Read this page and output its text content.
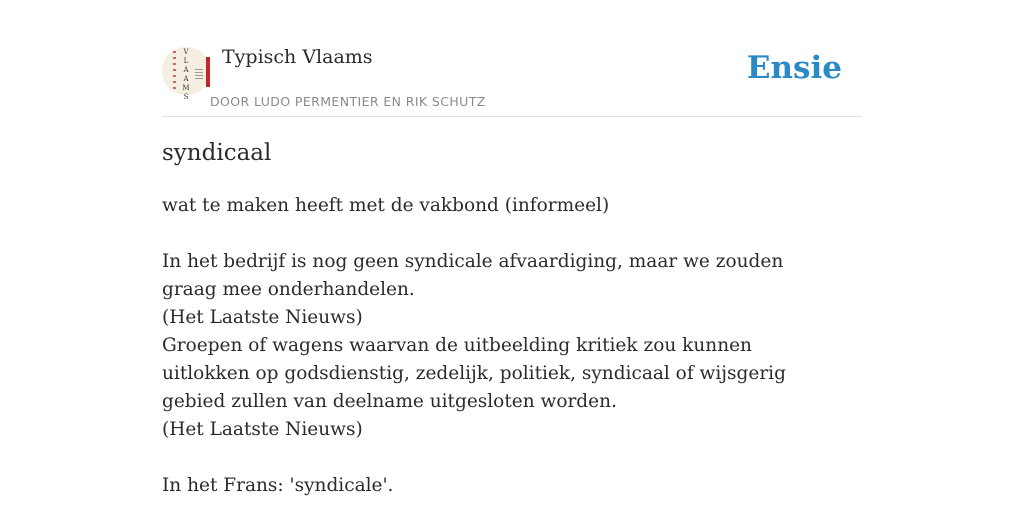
V
L
A
A
M
S
Typisch Vlaams
DOOR LUDO PERMENTIER EN RIK SCHUTZ
Ensie
syndicaal

wat te maken heeft met de vakbond (informeel)

In het bedrijf is nog geen syndicale afvaardiging, maar we zouden graag mee onderhandelen.

(Het Laatste Nieuws)

Groepen of wagens waarvan de uitbeelding kritiek zou kunnen uitlokken op godsdienstig, zedelijk, politiek, syndicaal of wijsgerig gebied zullen van deelname uitgesloten worden.

(Het Laatste Nieuws)

In het Frans: 'syndicale'.
